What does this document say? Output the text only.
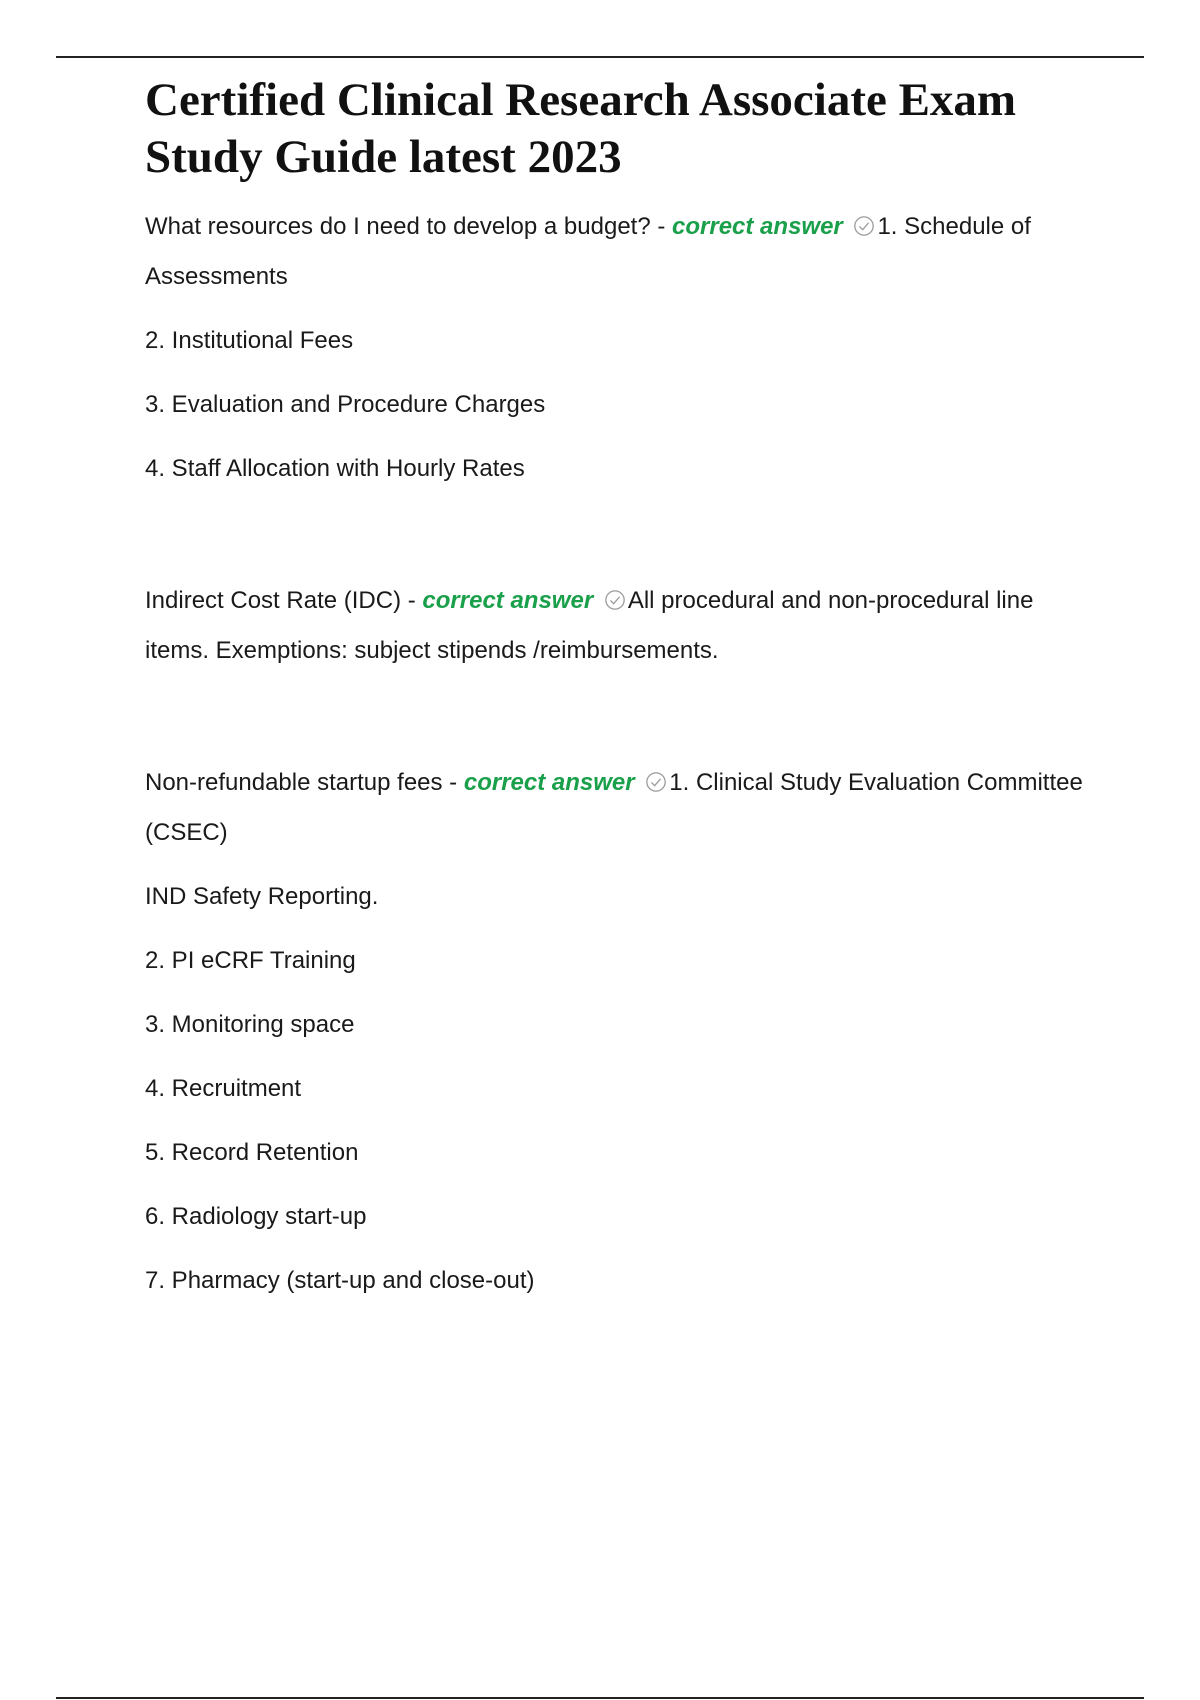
Certified Clinical Research Associate Exam Study Guide latest 2023

What resources do I need to develop a budget? - correct answer 1. Schedule of Assessments

2. Institutional Fees

3. Evaluation and Procedure Charges

4. Staff Allocation with Hourly Rates

Indirect Cost Rate (IDC) - correct answer All procedural and non-procedural line items. Exemptions: subject stipends /reimbursements.

Non-refundable startup fees - correct answer 1. Clinical Study Evaluation Committee (CSEC)

IND Safety Reporting.

2. PI eCRF Training

3. Monitoring space

4. Recruitment

5. Record Retention

6. Radiology start-up

7. Pharmacy (start-up and close-out)
